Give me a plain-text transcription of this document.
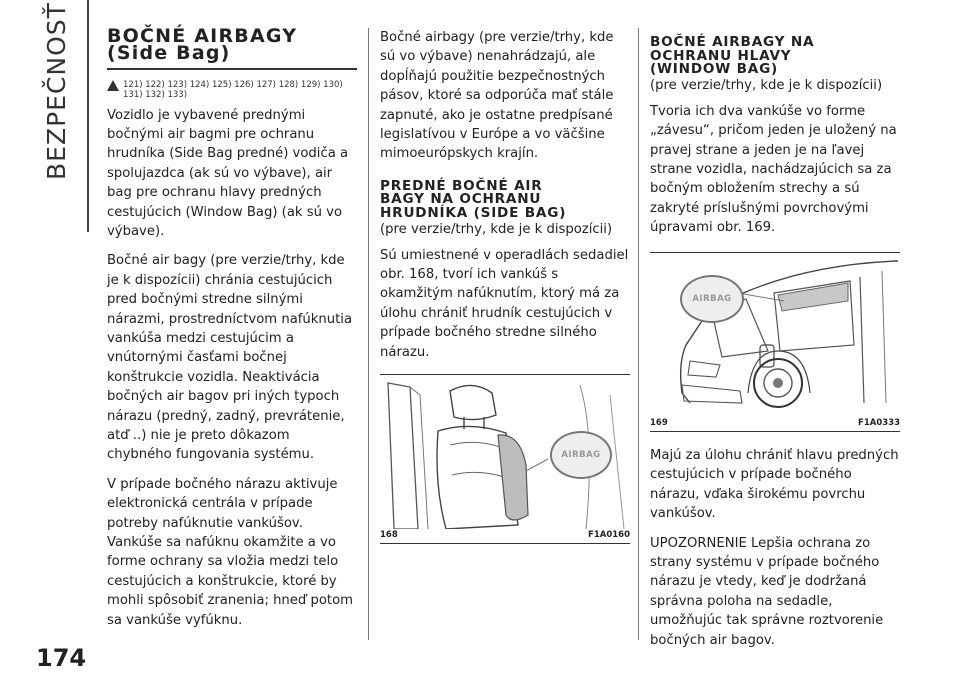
BEZPEČNOSŤ
174
BOČNÉ AIRBAGY
(Side Bag)
121) 122) 123) 124) 125) 126) 127) 128) 129) 130) 131) 132) 133)

Vozidlo je vybavené prednými bočnými air bagmi pre ochranu hrudníka (Side Bag predné) vodiča a spolujazdca (ak sú vo výbave), air bag pre ochranu hlavy predných cestujúcich (Window Bag) (ak sú vo výbave).

Bočné air bagy (pre verzie/trhy, kde je k dispozícii) chránia cestujúcich pred bočnými stredne silnými nárazmi, prostredníctvom nafúknutia vankúša medzi cestujúcim a vnútornými časťami bočnej konštrukcie vozidla. Neaktivácia bočných air bagov pri iných typoch nárazu (predný, zadný, prevrátenie, atď ..) nie je preto dôkazom chybného fungovania systému.

V prípade bočného nárazu aktivuje elektronická centrála v prípade potreby nafúknutie vankúšov. Vankúše sa nafúknu okamžite a vo forme ochrany sa vložia medzi telo cestujúcich a konštrukcie, ktoré by mohli spôsobiť zranenia; hneď potom sa vankúše vyfúknu.

Bočné airbagy (pre verzie/trhy, kde sú vo výbave) nenahrádzajú, ale dopĺňajú použitie bezpečnostných pásov, ktoré sa odporúča mať stále zapnuté, ako je ostatne predpísané legislatívou v Európe a vo väčšine mimoeurópskych krajín.

PREDNÉ BOČNÉ AIR
BAGY NA OCHRANU
HRUDNÍKA (SIDE BAG)
(pre verzie/trhy, kde je k dispozícii)

Sú umiestnené v operadlách sedadiel obr. 168, tvorí ich vankúš s okamžitým nafúknutím, ktorý má za úlohu chrániť hrudník cestujúcich v prípade bočného stredne silného nárazu.

AIRBAG
168	F1A0160
BOČNÉ AIRBAGY NA
OCHRANU HLAVY
(WINDOW BAG)
(pre verzie/trhy, kde je k dispozícii)

Tvoria ich dva vankúše vo forme „závesu“, pričom jeden je uložený na pravej strane a jeden je na ľavej strane vozidla, nachádzajúcich sa za bočným obložením strechy a sú zakryté príslušnými povrchovými úpravami obr. 169.

AIRBAG
169	F1A0333

Majú za úlohu chrániť hlavu predných cestujúcich v prípade bočného nárazu, vďaka širokému povrchu vankúšov.

UPOZORNENIE Lepšia ochrana zo strany systému v prípade bočného nárazu je vtedy, keď je dodržaná správna poloha na sedadle, umožňujúc tak správne roztvorenie bočných air bagov.
